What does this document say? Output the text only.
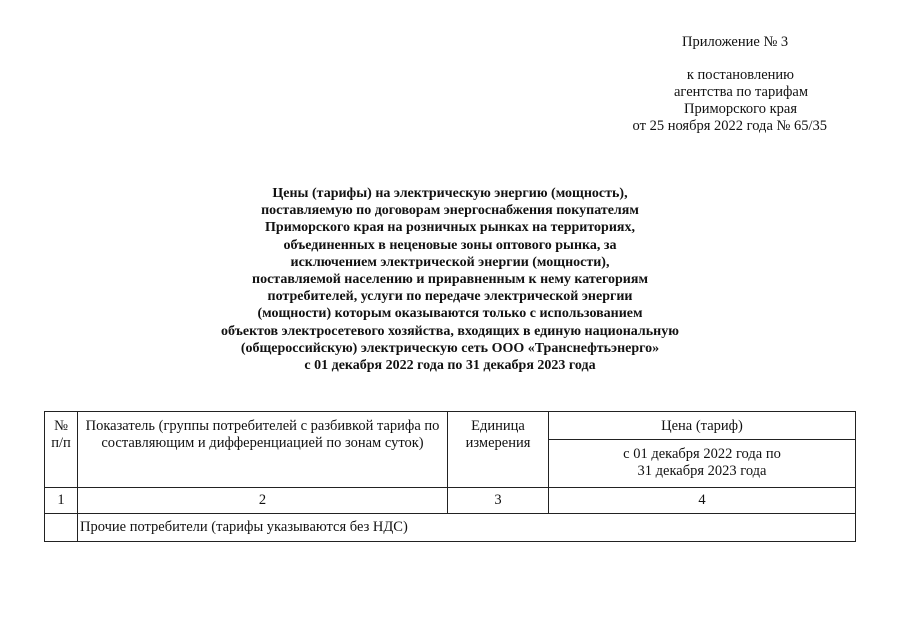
Приложение № 3
к постановлению
агентства по тарифам
Приморского края
от 25 ноября 2022 года № 65/35
Цены (тарифы) на электрическую энергию (мощность),
поставляемую по договорам энергоснабжения покупателям
Приморского края на розничных рынках на территориях,
объединенных в неценовые зоны оптового рынка, за
исключением электрической энергии (мощности),
поставляемой населению и приравненным к нему категориям
потребителей, услуги по передаче электрической энергии
(мощности) которым оказываются только с использованием
объектов электросетевого хозяйства, входящих в единую национальную
(общероссийскую) электрическую сеть ООО «Транснефтьэнерго»
с 01 декабря 2022 года по 31 декабря 2023 года
№ п/п	Показатель (группы потребителей с разбивкой тарифа по составляющим и дифференциацией по зонам суток)	Единица измерения	Цена (тариф)

			с 01 декабря 2022 года по 31 декабря 2023 года

1	2	3	4
	Прочие потребители (тарифы указываются без НДС)		
